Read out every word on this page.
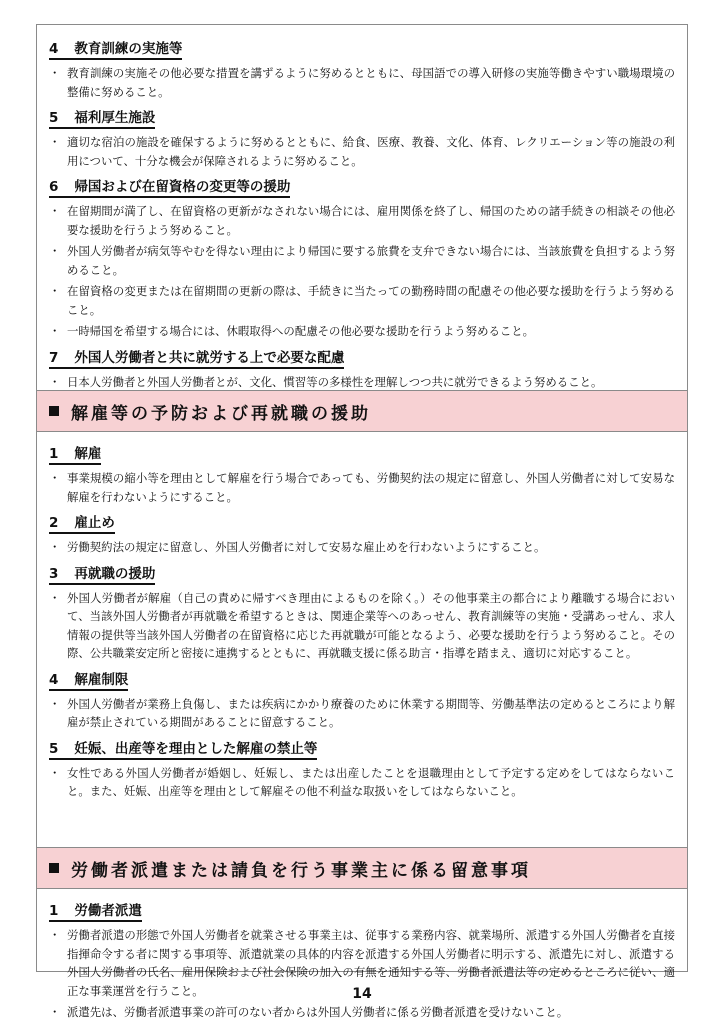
4 教育訓練の実施等
・ 教育訓練の実施その他必要な措置を講ずるように努めるとともに、母国語での導入研修の実施等働きやすい職場環境の整備に努めること。
5 福利厚生施設
・ 適切な宿泊の施設を確保するように努めるとともに、給食、医療、教養、文化、体育、レクリエーション等の施設の利用について、十分な機会が保障されるように努めること。
6 帰国および在留資格の変更等の援助
・ 在留期間が満了し、在留資格の更新がなされない場合には、雇用関係を終了し、帰国のための諸手続きの相談その他必要な援助を行うよう努めること。
・ 外国人労働者が病気等やむを得ない理由により帰国に要する旅費を支弁できない場合には、当該旅費を負担するよう努めること。
・ 在留資格の変更または在留期間の更新の際は、手続きに当たっての勤務時間の配慮その他必要な援助を行うよう努めること。
・ 一時帰国を希望する場合には、休暇取得への配慮その他必要な援助を行うよう努めること。
7 外国人労働者と共に就労する上で必要な配慮
・ 日本人労働者と外国人労働者とが、文化、慣習等の多様性を理解しつつ共に就労できるよう努めること。
解雇等の予防および再就職の援助
1 解雇
・ 事業規模の縮小等を理由として解雇を行う場合であっても、労働契約法の規定に留意し、外国人労働者に対して安易な解雇を行わないようにすること。
2 雇止め
・ 労働契約法の規定に留意し、外国人労働者に対して安易な雇止めを行わないようにすること。
3 再就職の援助
・ 外国人労働者が解雇（自己の責めに帰すべき理由によるものを除く。）その他事業主の都合により離職する場合において、当該外国人労働者が再就職を希望するときは、関連企業等へのあっせん、教育訓練等の実施・受講あっせん、求人情報の提供等当該外国人労働者の在留資格に応じた再就職が可能となるよう、必要な援助を行うよう努めること。その際、公共職業安定所と密接に連携するとともに、再就職支援に係る助言・指導を踏まえ、適切に対応すること。
4 解雇制限
・ 外国人労働者が業務上負傷し、または疾病にかかり療養のために休業する期間等、労働基準法の定めるところにより解雇が禁止されている期間があることに留意すること。
5 妊娠、出産等を理由とした解雇の禁止等
・ 女性である外国人労働者が婚姻し、妊娠し、または出産したことを退職理由として予定する定めをしてはならないこと。また、妊娠、出産等を理由として解雇その他不利益な取扱いをしてはならないこと。
労働者派遣または請負を行う事業主に係る留意事項
1 労働者派遣
・ 労働者派遣の形態で外国人労働者を就業させる事業主は、従事する業務内容、就業場所、派遣する外国人労働者を直接指揮命令する者に関する事項等、派遣就業の具体的内容を派遣する外国人労働者に明示する、派遣先に対し、派遣する外国人労働者の氏名、雇用保険および社会保険の加入の有無を通知する等、労働者派遣法等の定めるところに従い、適正な事業運営を行うこと。
・ 派遣先は、労働者派遣事業の許可のない者からは外国人労働者に係る労働者派遣を受けないこと。
14
